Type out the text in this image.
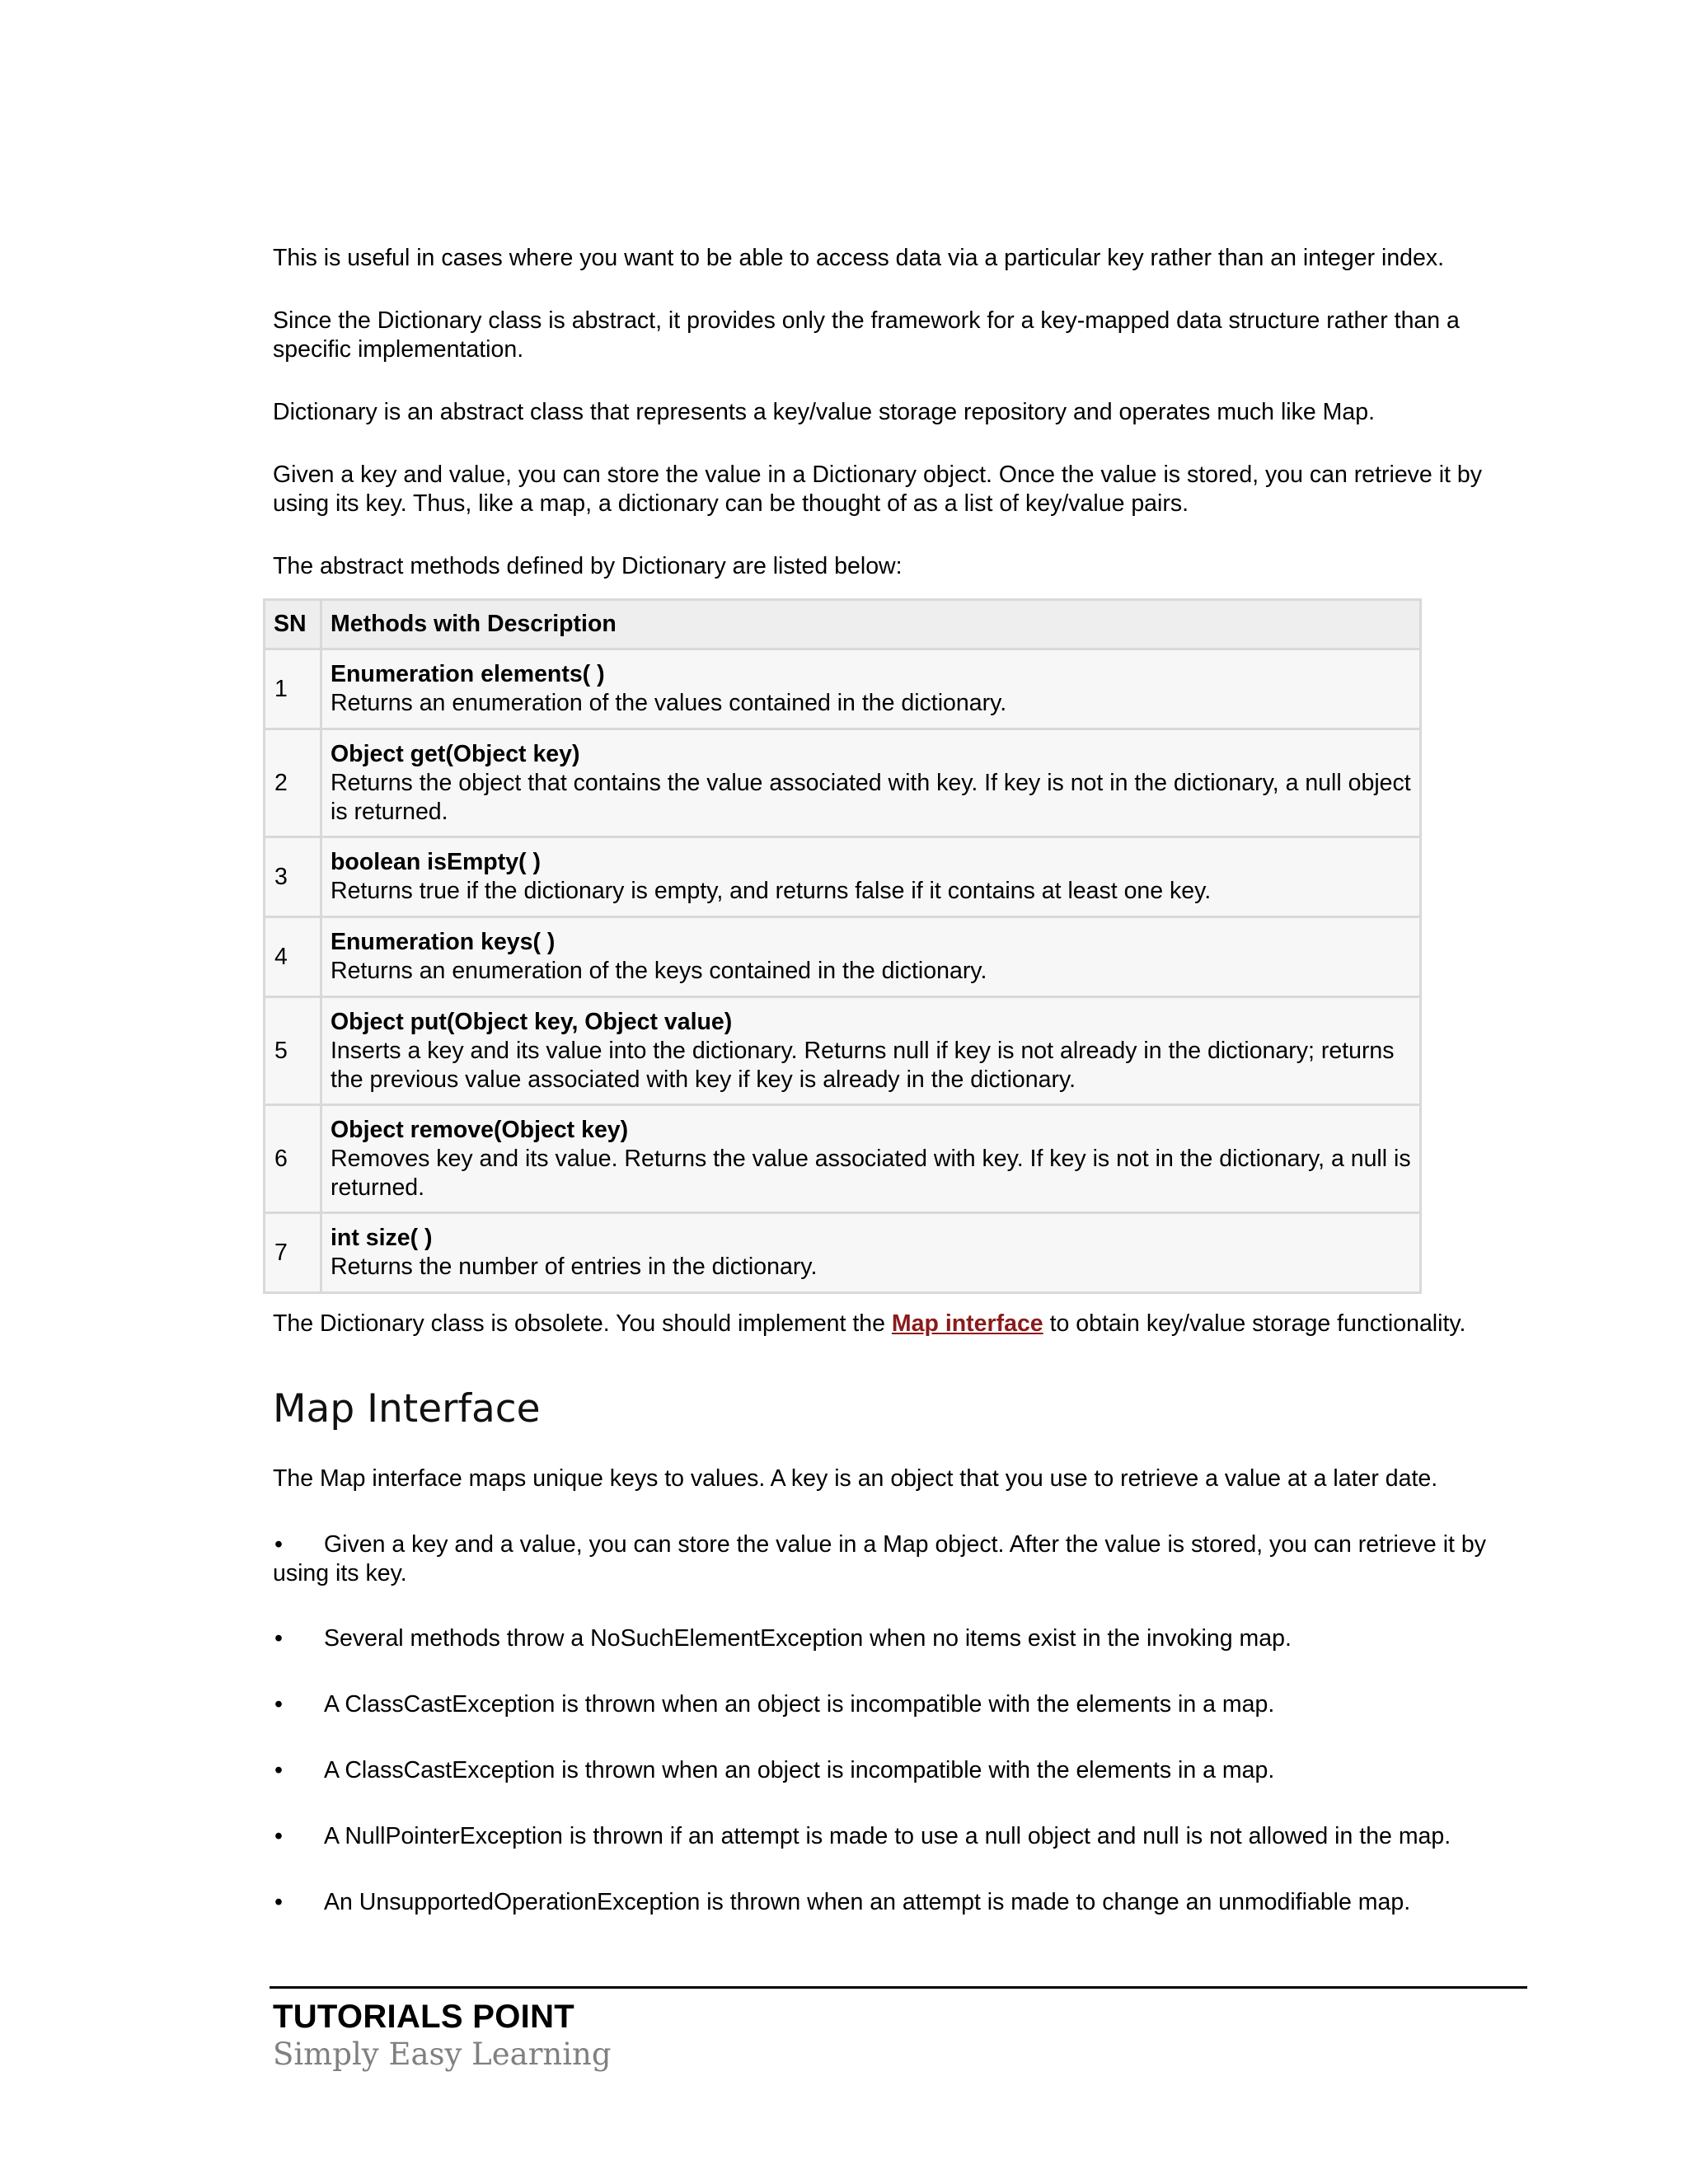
This is useful in cases where you want to be able to access data via a particular key rather than an integer index.

Since the Dictionary class is abstract, it provides only the framework for a key-mapped data structure rather than a specific implementation.

Dictionary is an abstract class that represents a key/value storage repository and operates much like Map.

Given a key and value, you can store the value in a Dictionary object. Once the value is stored, you can retrieve it by using its key. Thus, like a map, a dictionary can be thought of as a list of key/value pairs.

The abstract methods defined by Dictionary are listed below:

SN	Methods with Description
1	Enumeration elements( )
Returns an enumeration of the values contained in the dictionary.

2	Object get(Object key)
Returns the object that contains the value associated with key. If key is not in the dictionary, a null object is returned.

3	boolean isEmpty( )
Returns true if the dictionary is empty, and returns false if it contains at least one key.

4	Enumeration keys( )
Returns an enumeration of the keys contained in the dictionary.

5	Object put(Object key, Object value)
Inserts a key and its value into the dictionary. Returns null if key is not already in the dictionary; returns the previous value associated with key if key is already in the dictionary.

6	Object remove(Object key)
Removes key and its value. Returns the value associated with key. If key is not in the dictionary, a null is returned.

7	int size( )
Returns the number of entries in the dictionary.

The Dictionary class is obsolete. You should implement the Map interface to obtain key/value storage functionality.

Map Interface

The Map interface maps unique keys to values. A key is an object that you use to retrieve a value at a later date.

• Given a key and a value, you can store the value in a Map object. After the value is stored, you can retrieve it by using its key.
• Several methods throw a NoSuchElementException when no items exist in the invoking map.
• A ClassCastException is thrown when an object is incompatible with the elements in a map.
• A ClassCastException is thrown when an object is incompatible with the elements in a map.
• A NullPointerException is thrown if an attempt is made to use a null object and null is not allowed in the map.
• An UnsupportedOperationException is thrown when an attempt is made to change an unmodifiable map.
TUTORIALS POINT
Simply Easy Learning
